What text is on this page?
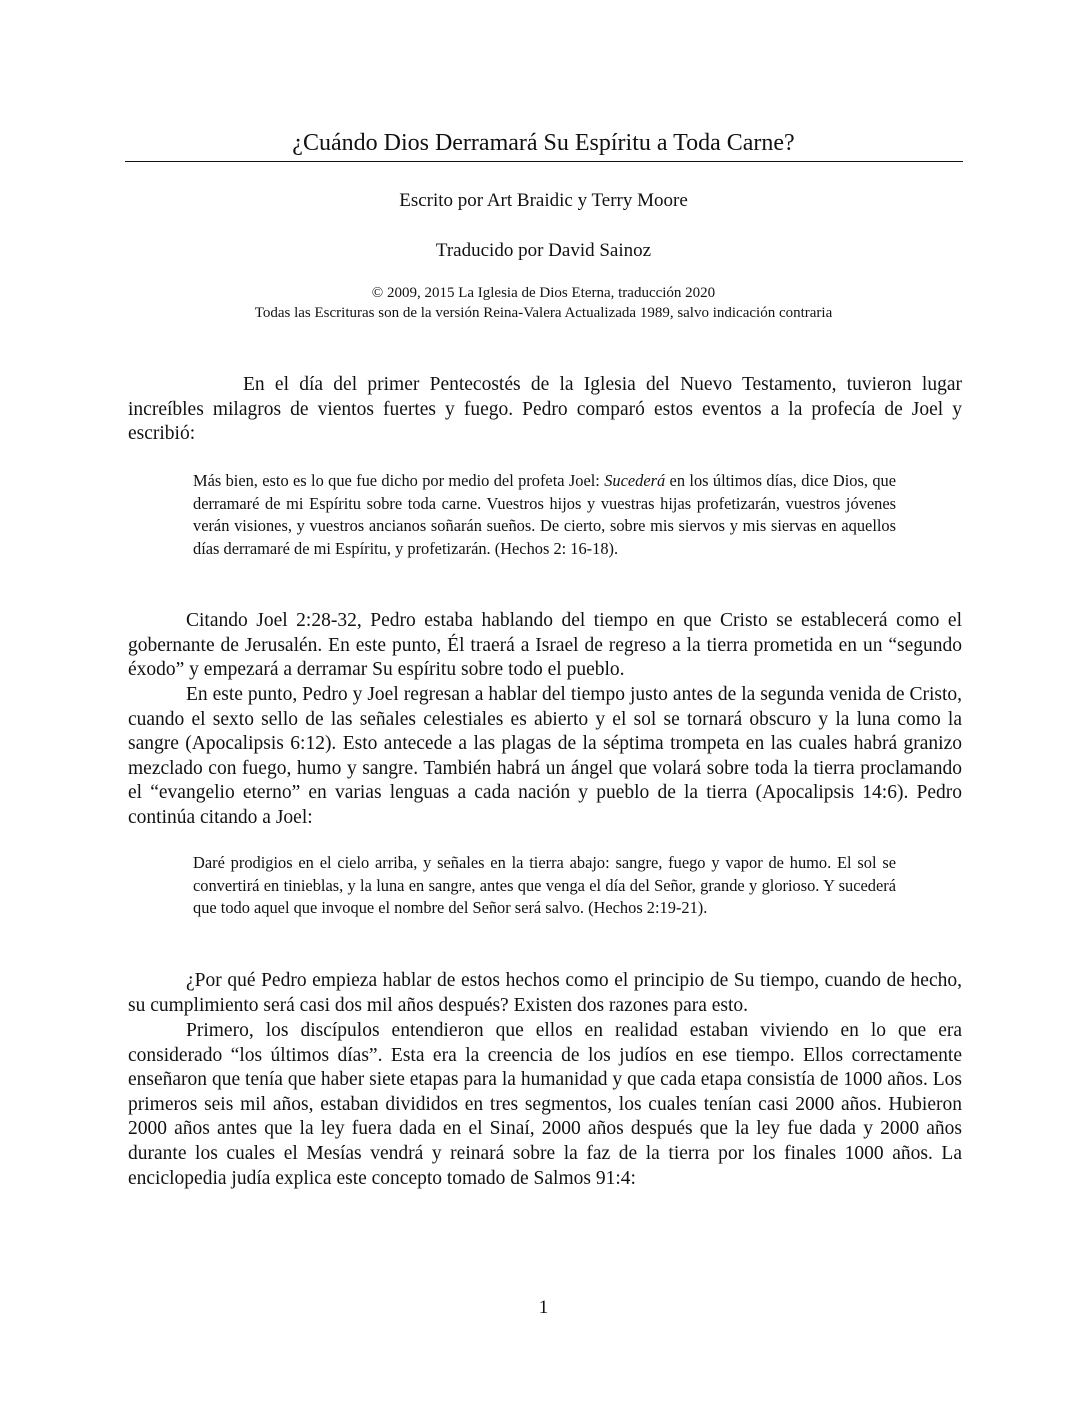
¿Cuándo Dios Derramará Su Espíritu a Toda Carne?

Escrito por Art Braidic y Terry Moore

Traducido por David Sainoz

© 2009, 2015 La Iglesia de Dios Eterna, traducción 2020

Todas las Escrituras son de la versión Reina-Valera Actualizada 1989, salvo indicación contraria

En el día del primer Pentecostés de la Iglesia del Nuevo Testamento, tuvieron lugar increíbles milagros de vientos fuertes y fuego. Pedro comparó estos eventos a la profecía de Joel y escribió:

Más bien, esto es lo que fue dicho por medio del profeta Joel: Sucederá en los últimos días, dice Dios, que derramaré de mi Espíritu sobre toda carne. Vuestros hijos y vuestras hijas profetizarán, vuestros jóvenes verán visiones, y vuestros ancianos soñarán sueños. De cierto, sobre mis siervos y mis siervas en aquellos días derramaré de mi Espíritu, y profetizarán. (Hechos 2: 16-18).

Citando Joel 2:28-32, Pedro estaba hablando del tiempo en que Cristo se establecerá como el gobernante de Jerusalén. En este punto, Él traerá a Israel de regreso a la tierra prometida en un “segundo éxodo” y empezará a derramar Su espíritu sobre todo el pueblo.

En este punto, Pedro y Joel regresan a hablar del tiempo justo antes de la segunda venida de Cristo, cuando el sexto sello de las señales celestiales es abierto y el sol se tornará obscuro y la luna como la sangre (Apocalipsis 6:12). Esto antecede a las plagas de la séptima trompeta en las cuales habrá granizo mezclado con fuego, humo y sangre. También habrá un ángel que volará sobre toda la tierra proclamando el “evangelio eterno” en varias lenguas a cada nación y pueblo de la tierra (Apocalipsis 14:6). Pedro continúa citando a Joel:

Daré prodigios en el cielo arriba, y señales en la tierra abajo: sangre, fuego y vapor de humo. El sol se convertirá en tinieblas, y la luna en sangre, antes que venga el día del Señor, grande y glorioso. Y sucederá que todo aquel que invoque el nombre del Señor será salvo. (Hechos 2:19-21).

¿Por qué Pedro empieza hablar de estos hechos como el principio de Su tiempo, cuando de hecho, su cumplimiento será casi dos mil años después? Existen dos razones para esto.

Primero, los discípulos entendieron que ellos en realidad estaban viviendo en lo que era considerado “los últimos días”. Esta era la creencia de los judíos en ese tiempo. Ellos correctamente enseñaron que tenía que haber siete etapas para la humanidad y que cada etapa consistía de 1000 años. Los primeros seis mil años, estaban divididos en tres segmentos, los cuales tenían casi 2000 años. Hubieron 2000 años antes que la ley fuera dada en el Sinaí, 2000 años después que la ley fue dada y 2000 años durante los cuales el Mesías vendrá y reinará sobre la faz de la tierra por los finales 1000 años. La enciclopedia judía explica este concepto tomado de Salmos 91:4:

1
